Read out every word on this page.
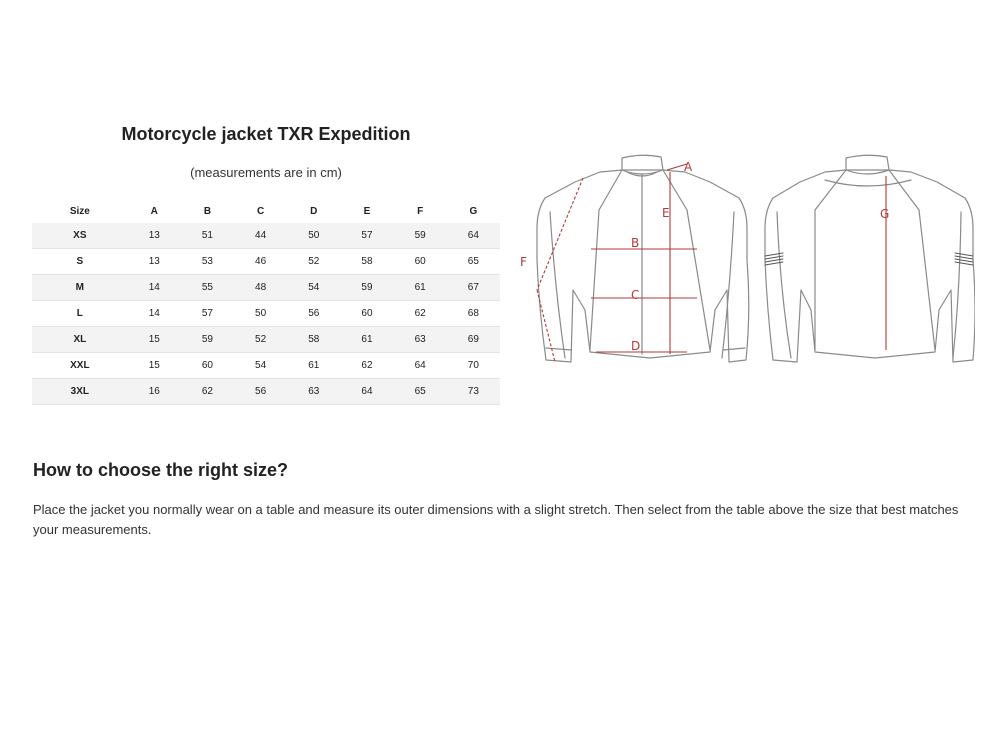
Motorcycle jacket TXR Expedition
(measurements are in cm)
Size	A	B	C	D	E	F	G
XS	13	51	44	50	57	59	64
S	13	53	46	52	58	60	65
M	14	55	48	54	59	61	67
L	14	57	50	56	60	62	68
XL	15	59	52	58	61	63	69
XXL	15	60	54	61	62	64	70
3XL	16	62	56	63	64	65	73
A
B
C
D
E
F
G
How to choose the right size?
Place the jacket you normally wear on a table and measure its outer dimensions with a slight stretch. Then select from the table above the size that best matches your measurements.
